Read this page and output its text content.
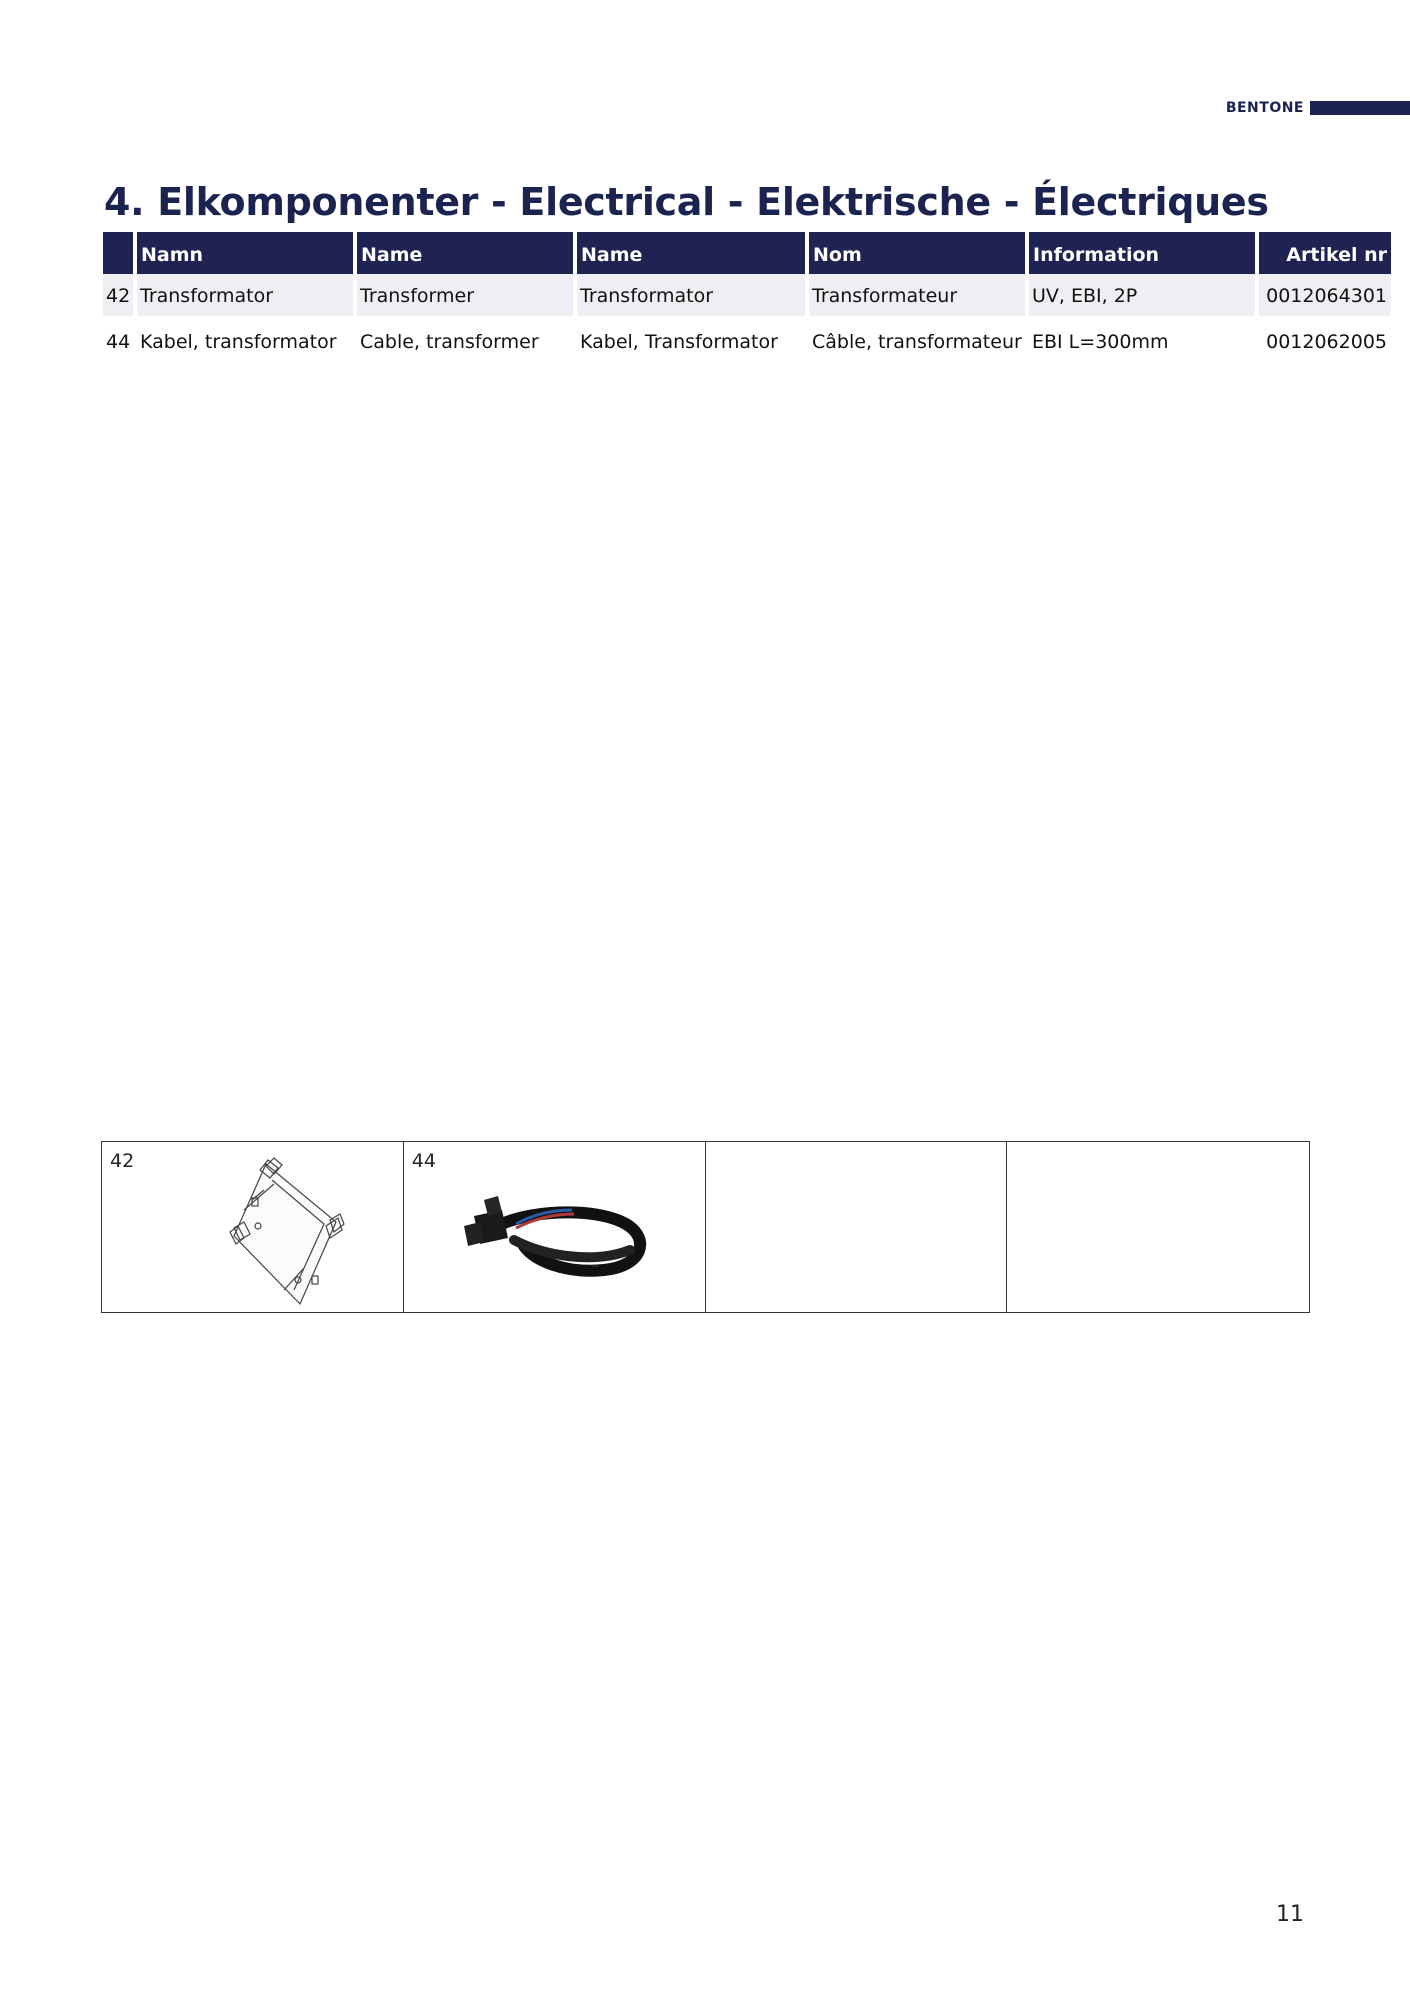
BENTONE
4. Elkomponenter - Electrical - Elektrische - Électriques
	Namn	Name	Name	Nom	Information	Artikel nr
42	Transformator	Transformer	Transformator	Transformateur	UV, EBI, 2P	0012064301
44	Kabel, transformator	Cable, transformer	Kabel, Transformator	Câble, transformateur	EBI L=300mm	0012062005
42	44
⋯
11
